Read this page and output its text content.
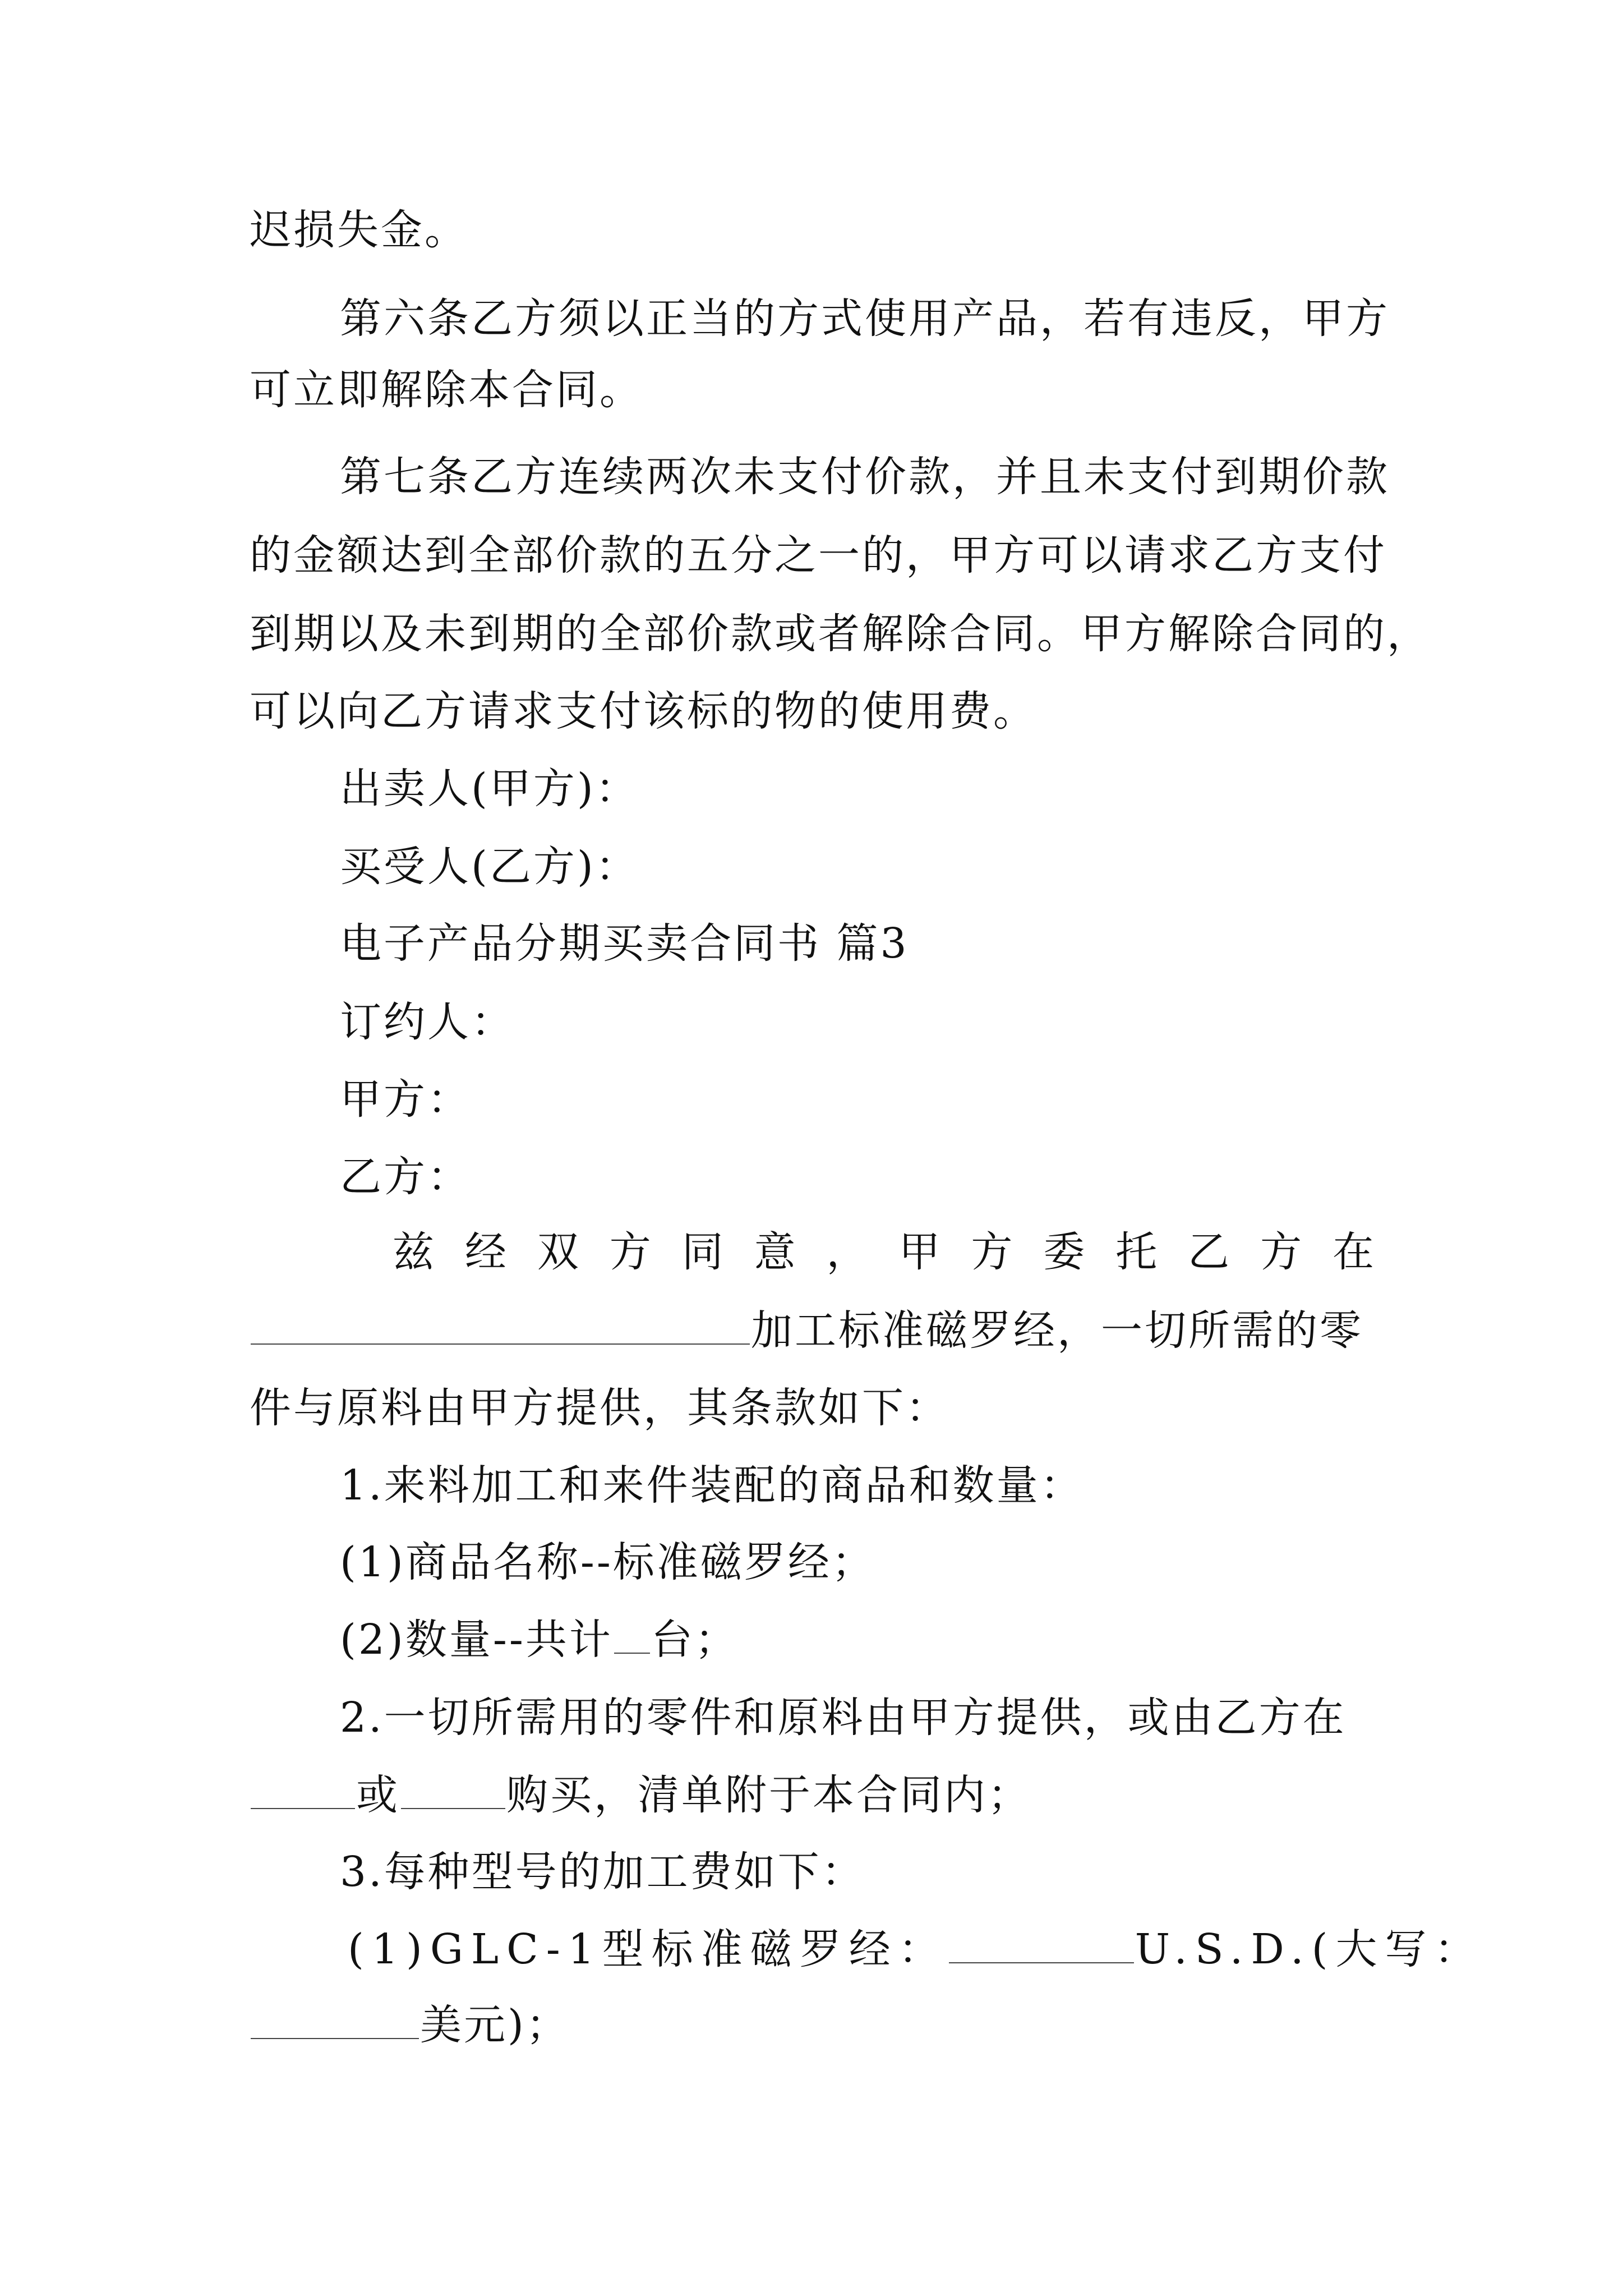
迟损失金。
第六条乙方须以正当的方式使用产品，若有违反，甲方
可立即解除本合同。
第七条乙方连续两次未支付价款，并且未支付到期价款
的金额达到全部价款的五分之一的，甲方可以请求乙方支付
到期以及未到期的全部价款或者解除合同。甲方解除合同的，
可以向乙方请求支付该标的物的使用费。
出卖人(甲方)：
买受人(乙方)：
电子产品分期买卖合同书 篇3
订约人：
甲方：
乙方：
兹经双方同意，甲方委托乙方在
加工标准磁罗经，一切所需的零
件与原料由甲方提供，其条款如下：
1.来料加工和来件装配的商品和数量：
(1)商品名称--标准磁罗经；
(2)数量--共计 台；
2.一切所需用的零件和原料由甲方提供，或由乙方在
或	购买，清单附于本合同内；
3.每种型号的加工费如下：
(1)GLC-1型标准磁罗经：	U.S.D.(大写：
美元)；
